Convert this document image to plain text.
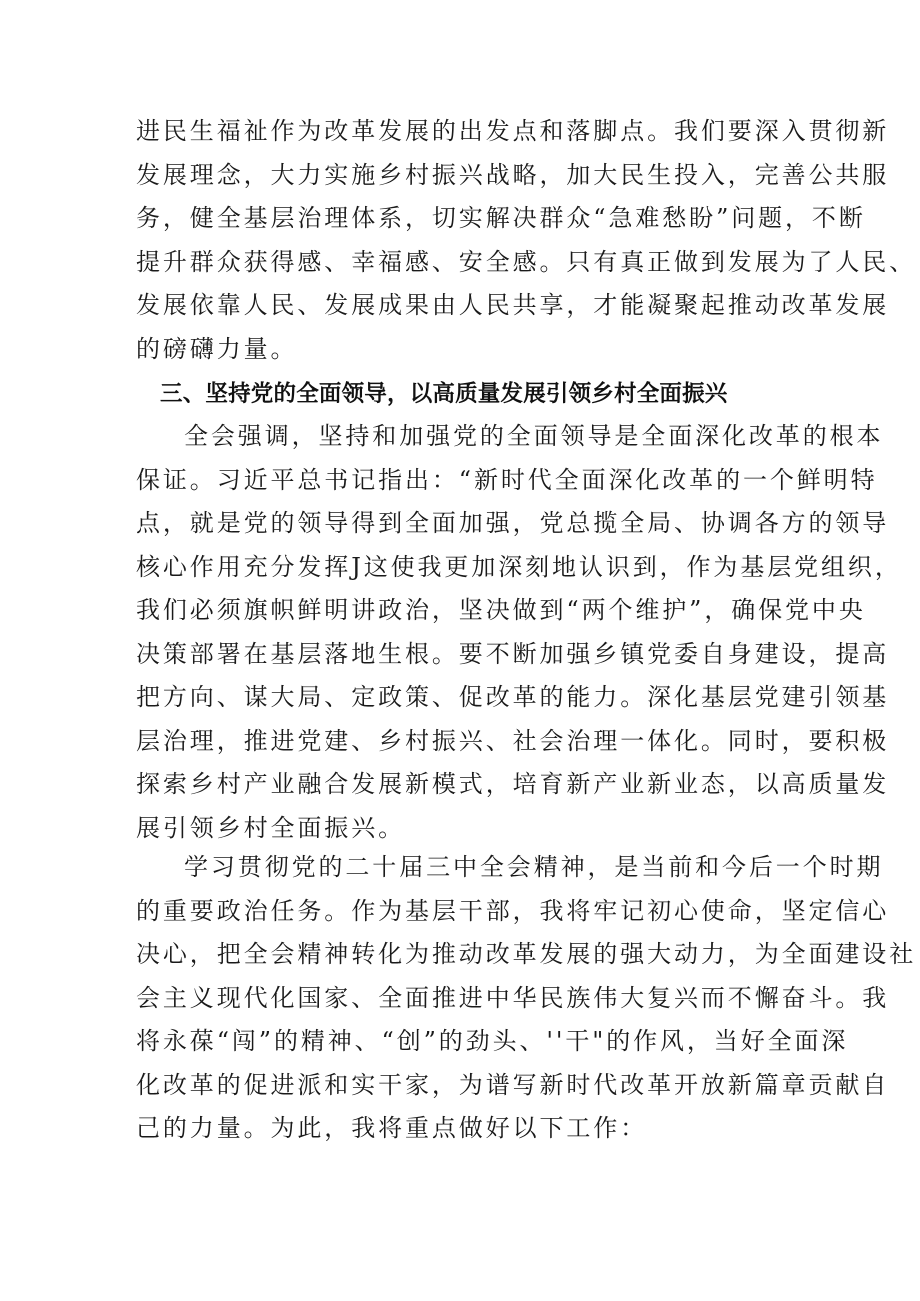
进民生福祉作为改革发展的出发点和落脚点。我们要深入贯彻新
发展理念，大力实施乡村振兴战略，加大民生投入，完善公共服
务，健全基层治理体系，切实解决群众“急难愁盼”问题，不断
提升群众获得感、幸福感、安全感。只有真正做到发展为了人民、
发展依靠人民、发展成果由人民共享，才能凝聚起推动改革发展
的磅礴力量。
三、坚持党的全面领导，以高质量发展引领乡村全面振兴
全会强调，坚持和加强党的全面领导是全面深化改革的根本
保证。习近平总书记指出：“新时代全面深化改革的一个鲜明特
点，就是党的领导得到全面加强，党总揽全局、协调各方的领导
核心作用充分发挥J这使我更加深刻地认识到，作为基层党组织，
我们必须旗帜鲜明讲政治，坚决做到“两个维护”，确保党中央
决策部署在基层落地生根。要不断加强乡镇党委自身建设，提高
把方向、谋大局、定政策、促改革的能力。深化基层党建引领基
层治理，推进党建、乡村振兴、社会治理一体化。同时，要积极
探索乡村产业融合发展新模式，培育新产业新业态，以高质量发
展引领乡村全面振兴。
学习贯彻党的二十届三中全会精神，是当前和今后一个时期
的重要政治任务。作为基层干部，我将牢记初心使命，坚定信心
决心，把全会精神转化为推动改革发展的强大动力，为全面建设社
会主义现代化国家、全面推进中华民族伟大复兴而不懈奋斗。我
将永葆“闯”的精神、“创”的劲头、''干"的作风，当好全面深
化改革的促进派和实干家，为谱写新时代改革开放新篇章贡献自
己的力量。为此，我将重点做好以下工作：
